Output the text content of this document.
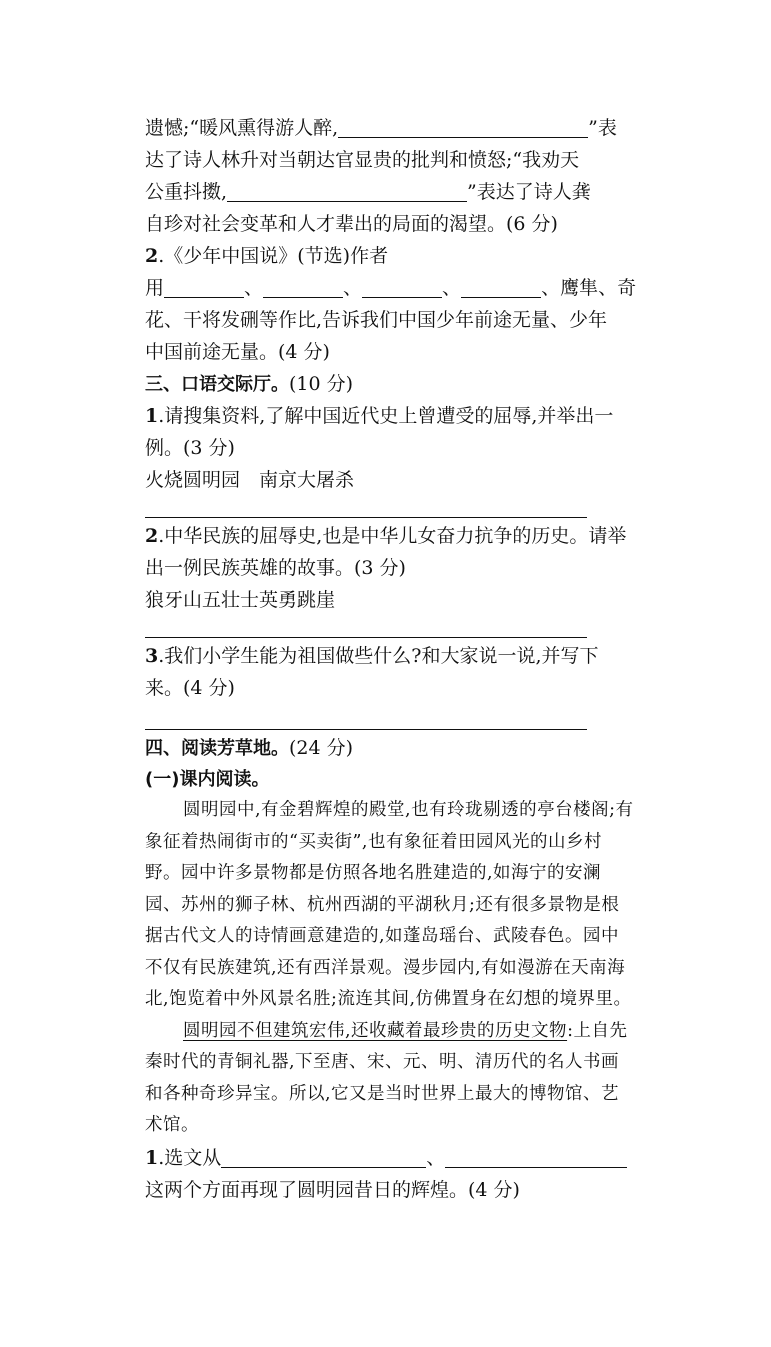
遗憾;“暖风熏得游人醉,	”表
达了诗人林升对当朝达官显贵的批判和愤怒;“我劝天
公重抖擞,	”表达了诗人龚
自珍对社会变革和人才辈出的局面的渴望。(6 分)
2.《少年中国说》(节选)作者
用	、	、	、	、鹰隼、奇
花、干将发硎等作比,告诉我们中国少年前途无量、少年
中国前途无量。(4 分)
三、口语交际厅。(10 分)
1.请搜集资料,了解中国近代史上曾遭受的屈辱,并举出一
例。(3 分)
火烧圆明园　南京大屠杀
2.中华民族的屈辱史,也是中华儿女奋力抗争的历史。请举
出一例民族英雄的故事。(3 分)
狼牙山五壮士英勇跳崖
3.我们小学生能为祖国做些什么?和大家说一说,并写下
来。(4 分)
四、阅读芳草地。(24 分)
(一)课内阅读。
圆明园中,有金碧辉煌的殿堂,也有玲珑剔透的亭台楼阁;有象征着热闹街市的“买卖街”,也有象征着田园风光的山乡村野。园中许多景物都是仿照各地名胜建造的,如海宁的安澜园、苏州的狮子林、杭州西湖的平湖秋月;还有很多景物是根据古代文人的诗情画意建造的,如蓬岛瑶台、武陵春色。园中不仅有民族建筑,还有西洋景观。漫步园内,有如漫游在天南海北,饱览着中外风景名胜;流连其间,仿佛置身在幻想的境界里。
圆明园不但建筑宏伟,还收藏着最珍贵的历史文物:上自先秦时代的青铜礼器,下至唐、宋、元、明、清历代的名人书画和各种奇珍异宝。所以,它又是当时世界上最大的博物馆、艺术馆。
1.选文从	、
这两个方面再现了圆明园昔日的辉煌。(4 分)
